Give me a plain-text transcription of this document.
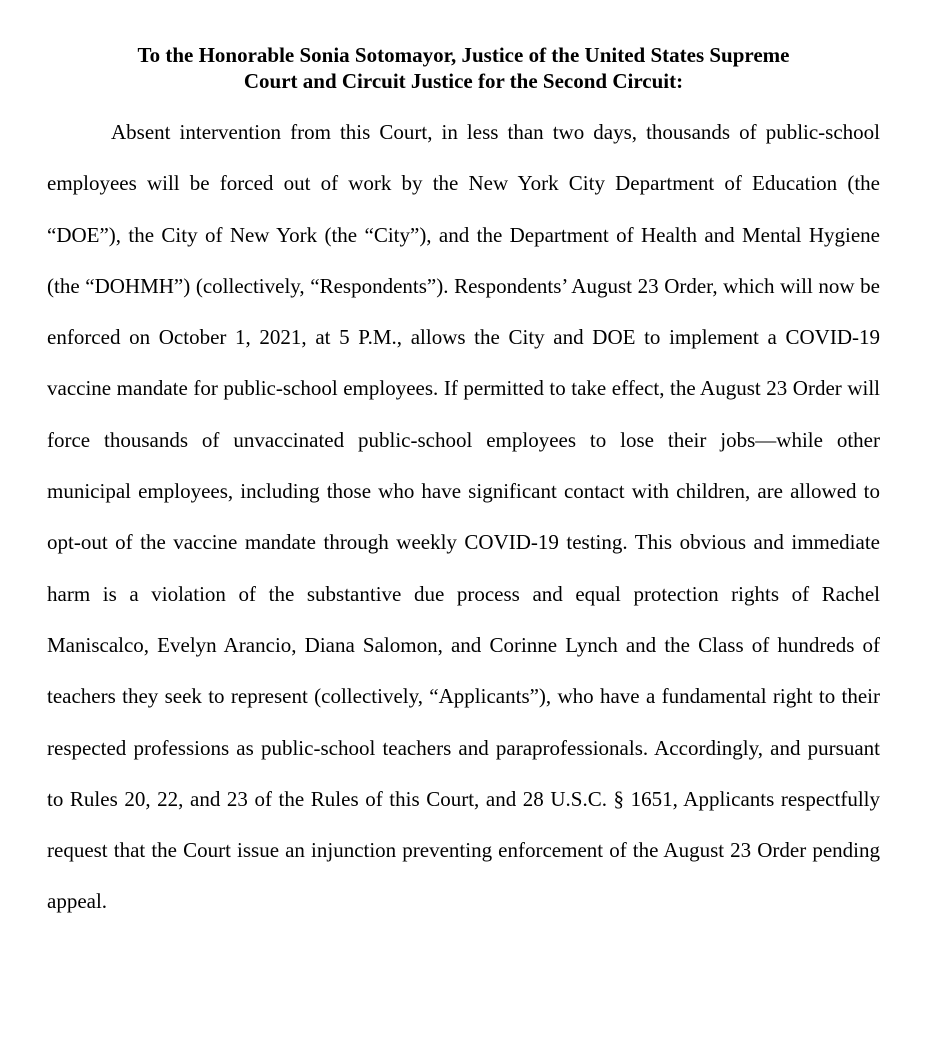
To the Honorable Sonia Sotomayor, Justice of the United States Supreme
Court and Circuit Justice for the Second Circuit:

Absent intervention from this Court, in less than two days, thousands of public-school employees will be forced out of work by the New York City Department of Education (the “DOE”), the City of New York (the “City”), and the Department of Health and Mental Hygiene (the “DOHMH”) (collectively, “Respondents”). Respondents’ August 23 Order, which will now be enforced on October 1, 2021, at 5 P.M., allows the City and DOE to implement a COVID-19 vaccine mandate for public-school employees. If permitted to take effect, the August 23 Order will force thousands of unvaccinated public-school employees to lose their jobs—while other municipal employees, including those who have significant contact with children, are allowed to opt-out of the vaccine mandate through weekly COVID-19 testing. This obvious and immediate harm is a violation of the substantive due process and equal protection rights of Rachel Maniscalco, Evelyn Arancio, Diana Salomon, and Corinne Lynch and the Class of hundreds of teachers they seek to represent (collectively, “Applicants”), who have a fundamental right to their respected professions as public-school teachers and paraprofessionals. Accordingly, and pursuant to Rules 20, 22, and 23 of the Rules of this Court, and 28 U.S.C. § 1651, Applicants respectfully request that the Court issue an injunction preventing enforcement of the August 23 Order pending appeal.
